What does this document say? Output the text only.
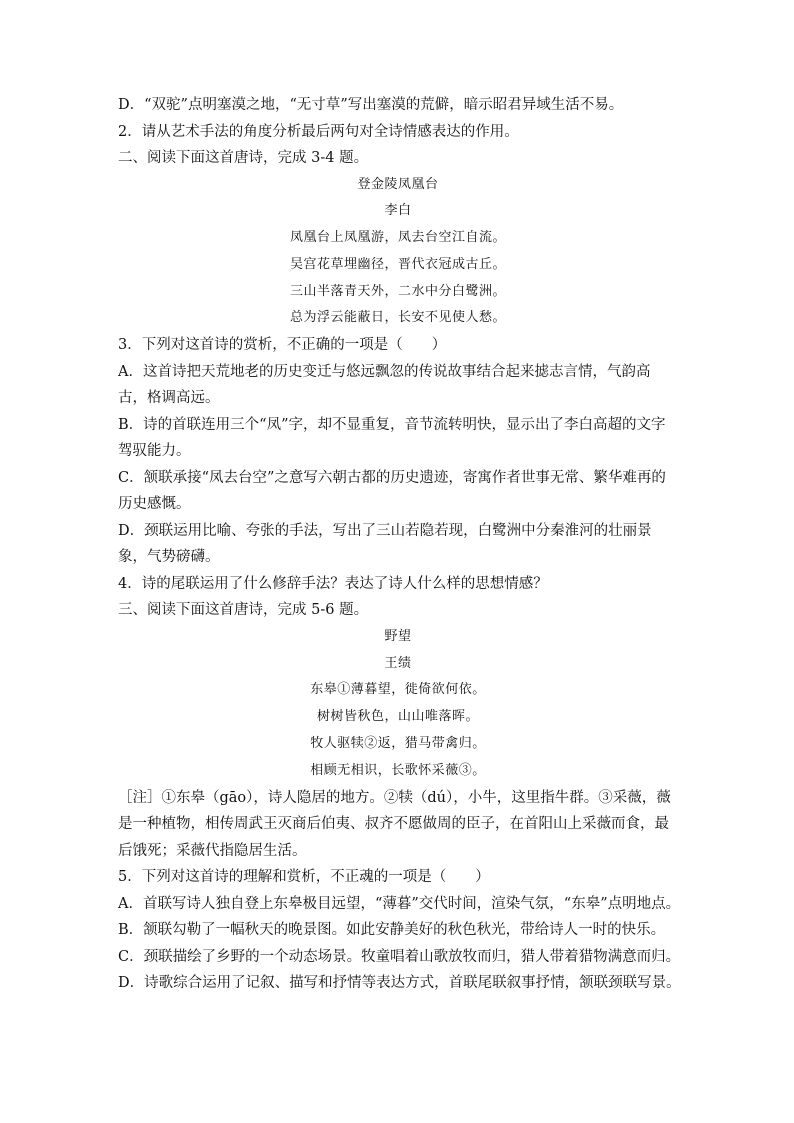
D．“双驼”点明塞漠之地，“无寸草”写出塞漠的荒僻，暗示昭君异域生活不易。
2．请从艺术手法的角度分析最后两句对全诗情感表达的作用。
二、阅读下面这首唐诗，完成 3-4 题。
登金陵凤凰台
李白
凤凰台上凤凰游，凤去台空江自流。
吴宫花草埋幽径，晋代衣冠成古丘。
三山半落青天外，二水中分白鹭洲。
总为浮云能蔽日，长安不见使人愁。
3．下列对这首诗的赏析，不正确的一项是（　　）
A．这首诗把天荒地老的历史变迁与悠远飘忽的传说故事结合起来摅志言情，气韵高古，格调高远。
B．诗的首联连用三个“凤”字，却不显重复，音节流转明快，显示出了李白高超的文字驾驭能力。
C．颔联承接“凤去台空”之意写六朝古都的历史遗迹，寄寓作者世事无常、繁华难再的历史感慨。
D．颈联运用比喻、夸张的手法，写出了三山若隐若现，白鹭洲中分秦淮河的壮丽景象，气势磅礴。
4．诗的尾联运用了什么修辞手法？表达了诗人什么样的思想情感？
三、阅读下面这首唐诗，完成 5-6 题。
野望
王绩
东皋①薄暮望，徙倚欲何依。
树树皆秋色，山山唯落晖。
牧人驱犊②返，猎马带禽归。
相顾无相识，长歌怀采薇③。
［注］①东皋（gāo），诗人隐居的地方。②犊（dú），小牛，这里指牛群。③采薇，薇是一种植物，相传周武王灭商后伯夷、叔齐不愿做周的臣子，在首阳山上采薇而食，最后饿死；采薇代指隐居生活。
5．下列对这首诗的理解和赏析，不正魂的一项是（　　）
A．首联写诗人独自登上东皋极目远望，“薄暮”交代时间，渲染气氛，“东皋”点明地点。
B．颔联勾勒了一幅秋天的晚景图。如此安静美好的秋色秋光，带给诗人一时的快乐。
C．颈联描绘了乡野的一个动态场景。牧童唱着山歌放牧而归，猎人带着猎物满意而归。
D．诗歌综合运用了记叙、描写和抒情等表达方式，首联尾联叙事抒情，颔联颈联写景。
